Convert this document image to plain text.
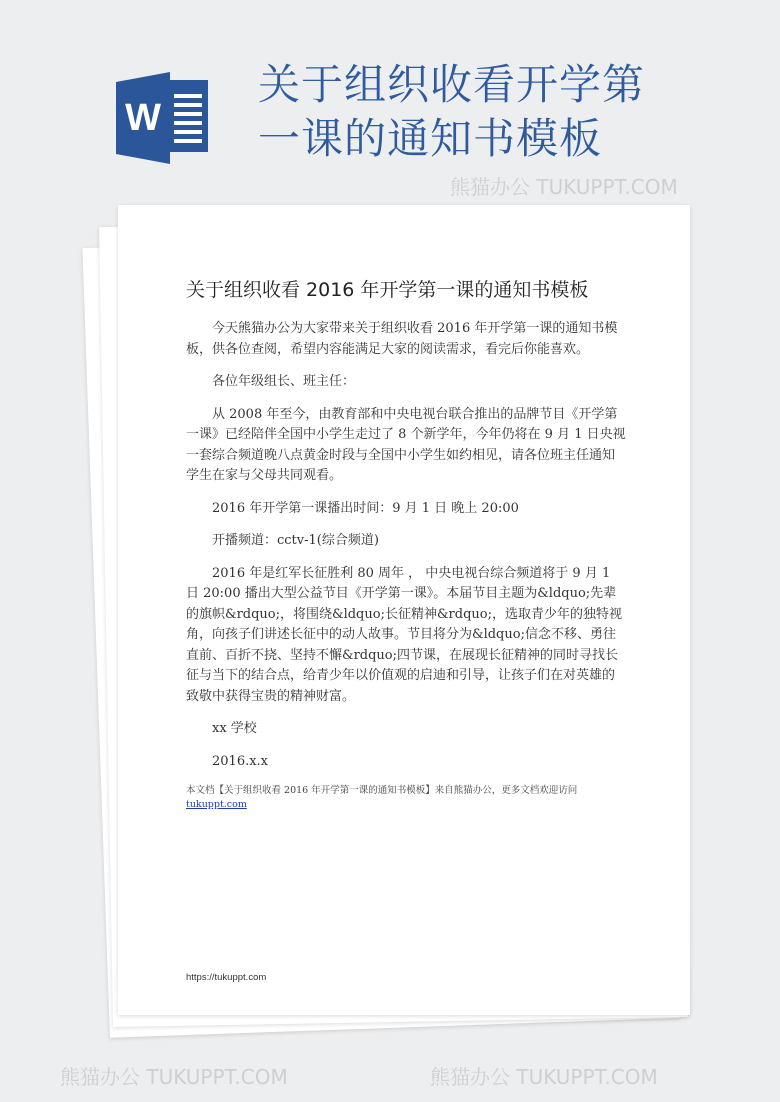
W
关于组织收看开学第一课的通知书模板
关于组织收看 2016 年开学第一课的通知书模板

今天熊猫办公为大家带来关于组织收看 2016 年开学第一课的通知书模板，供各位查阅，希望内容能满足大家的阅读需求，看完后你能喜欢。

各位年级组长、班主任：

从 2008 年至今，由教育部和中央电视台联合推出的品牌节目《开学第一课》已经陪伴全国中小学生走过了 8 个新学年，今年仍将在 9 月 1 日央视一套综合频道晚八点黄金时段与全国中小学生如约相见，请各位班主任通知学生在家与父母共同观看。

2016 年开学第一课播出时间：9 月 1 日 晚上 20:00

开播频道：cctv-1(综合频道)

2016 年是红军长征胜利 80 周年 ， 中央电视台综合频道将于 9 月 1 日 20:00 播出大型公益节目《开学第一课》。本届节目主题为&ldquo;先辈的旗帜&rdquo;，将围绕&ldquo;长征精神&rdquo;，选取青少年的独特视角，向孩子们讲述长征中的动人故事。节目将分为&ldquo;信念不移、勇往直前、百折不挠、坚持不懈&rdquo;四节课，在展现长征精神的同时寻找长征与当下的结合点，给青少年以价值观的启迪和引导，让孩子们在对英雄的致敬中获得宝贵的精神财富。

xx 学校

2016.x.x

本文档【关于组织收看 2016 年开学第一课的通知书模板】来自熊猫办公，更多文档欢迎访问
tukuppt.com
https://tukuppt.com
熊猫办公 TUKUPPT.COM
熊猫办公 TUKUPPT.COM	熊猫办公 TUKUPPT.COM
